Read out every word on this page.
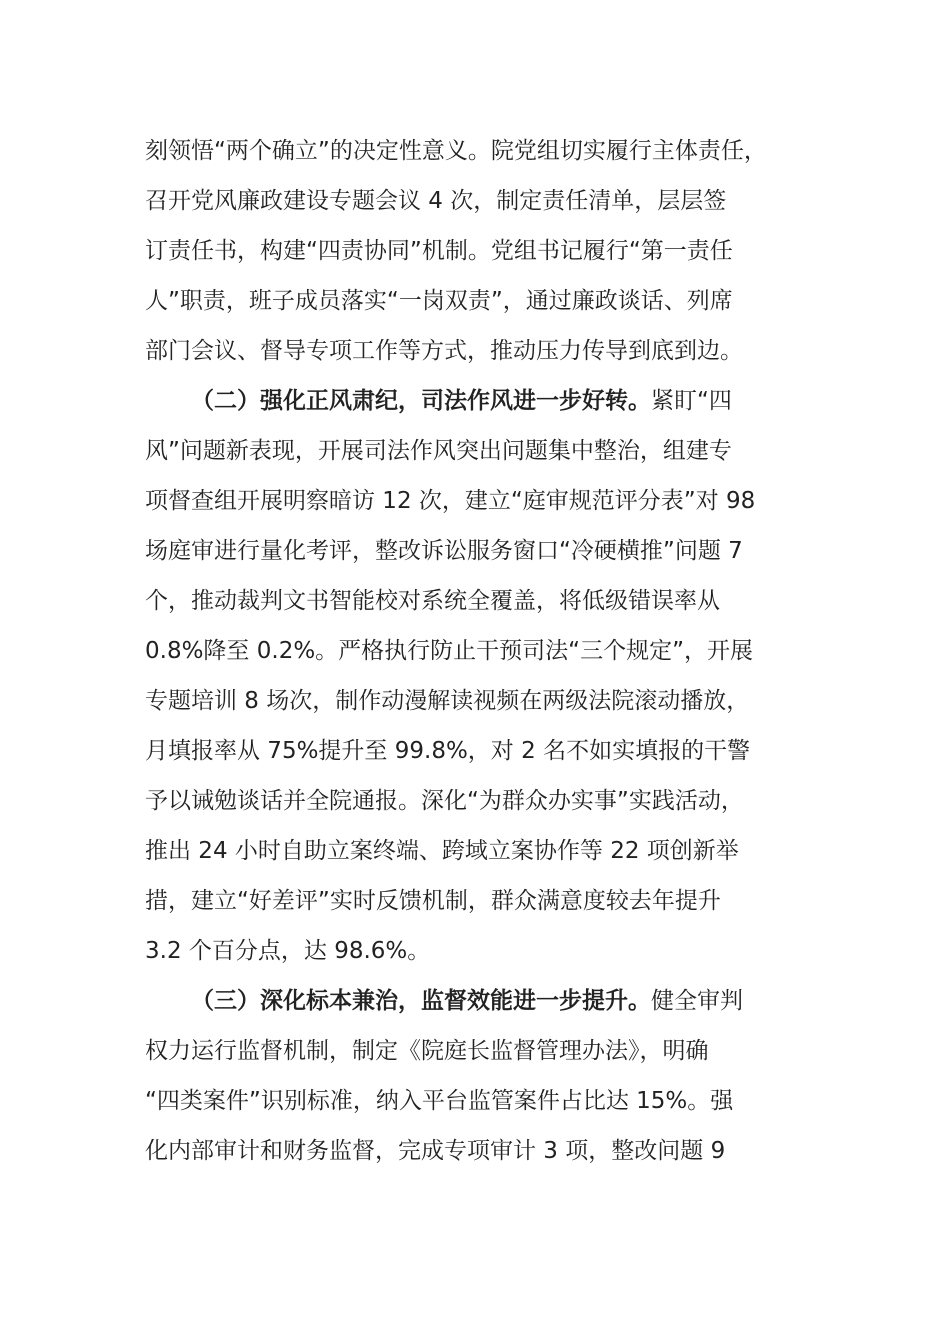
刻领悟“两个确立”的决定性意义。院党组切实履行主体责任，
召开党风廉政建设专题会议 4 次，制定责任清单，层层签
订责任书，构建“四责协同”机制。党组书记履行“第一责任
人”职责，班子成员落实“一岗双责”，通过廉政谈话、列席
部门会议、督导专项工作等方式，推动压力传导到底到边。
（二）强化正风肃纪，司法作风进一步好转。紧盯“四
风”问题新表现，开展司法作风突出问题集中整治，组建专
项督查组开展明察暗访 12 次，建立“庭审规范评分表”对 98
场庭审进行量化考评，整改诉讼服务窗口“冷硬横推”问题 7
个，推动裁判文书智能校对系统全覆盖，将低级错误率从
0.8%降至 0.2%。严格执行防止干预司法“三个规定”，开展
专题培训 8 场次，制作动漫解读视频在两级法院滚动播放，
月填报率从 75%提升至 99.8%，对 2 名不如实填报的干警
予以诫勉谈话并全院通报。深化“为群众办实事”实践活动，
推出 24 小时自助立案终端、跨域立案协作等 22 项创新举
措，建立“好差评”实时反馈机制，群众满意度较去年提升
3.2 个百分点，达 98.6%。
（三）深化标本兼治，监督效能进一步提升。健全审判
权力运行监督机制，制定《院庭长监督管理办法》，明确
“四类案件”识别标准，纳入平台监管案件占比达 15%。强
化内部审计和财务监督，完成专项审计 3 项，整改问题 9
